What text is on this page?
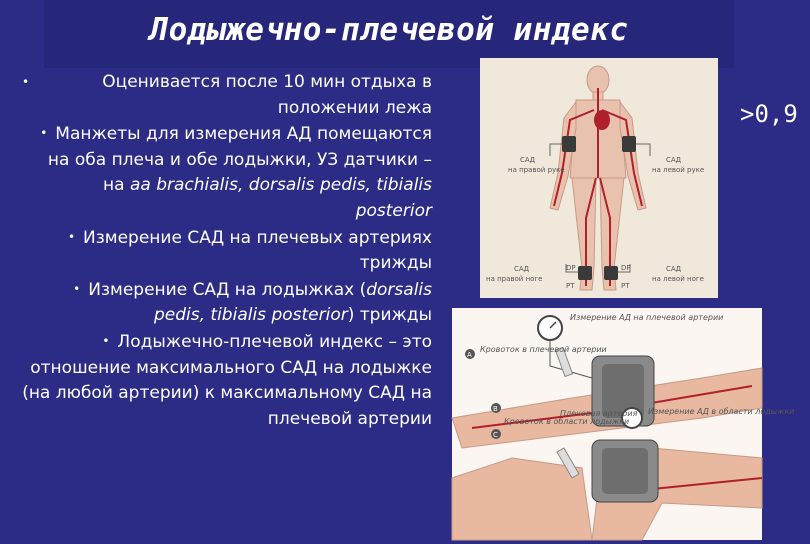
Лодыжечно-плечевой индекс

•	Оценивается после 10 мин отдыха в положении лежа

• Манжеты для измерения АД помещаются на оба плеча и обе лодыжки, УЗ датчики – на aa brachialis, dorsalis pedis, tibialis posterior

• Измерение САД на плечевых артериях трижды

• Измерение САД на лодыжках (dorsalis pedis, tibialis posterior) трижды

• Лодыжечно-плечевой индекс – это отношение максимального САД на лодыжке (на любой артерии) к максимальному САД на плечевой артерии

>0,9
САД
на правой руке
САД
на левой руке
САД
на правой ноге
САД
на левой ноге
DP
PT
DP
PT
A
B
C
Измерение АД на плечевой артерии
Измерение АД в области лодыжки
Кровоток в плечевой артерии
Плечевая артерия
Кровоток в области лодыжки
